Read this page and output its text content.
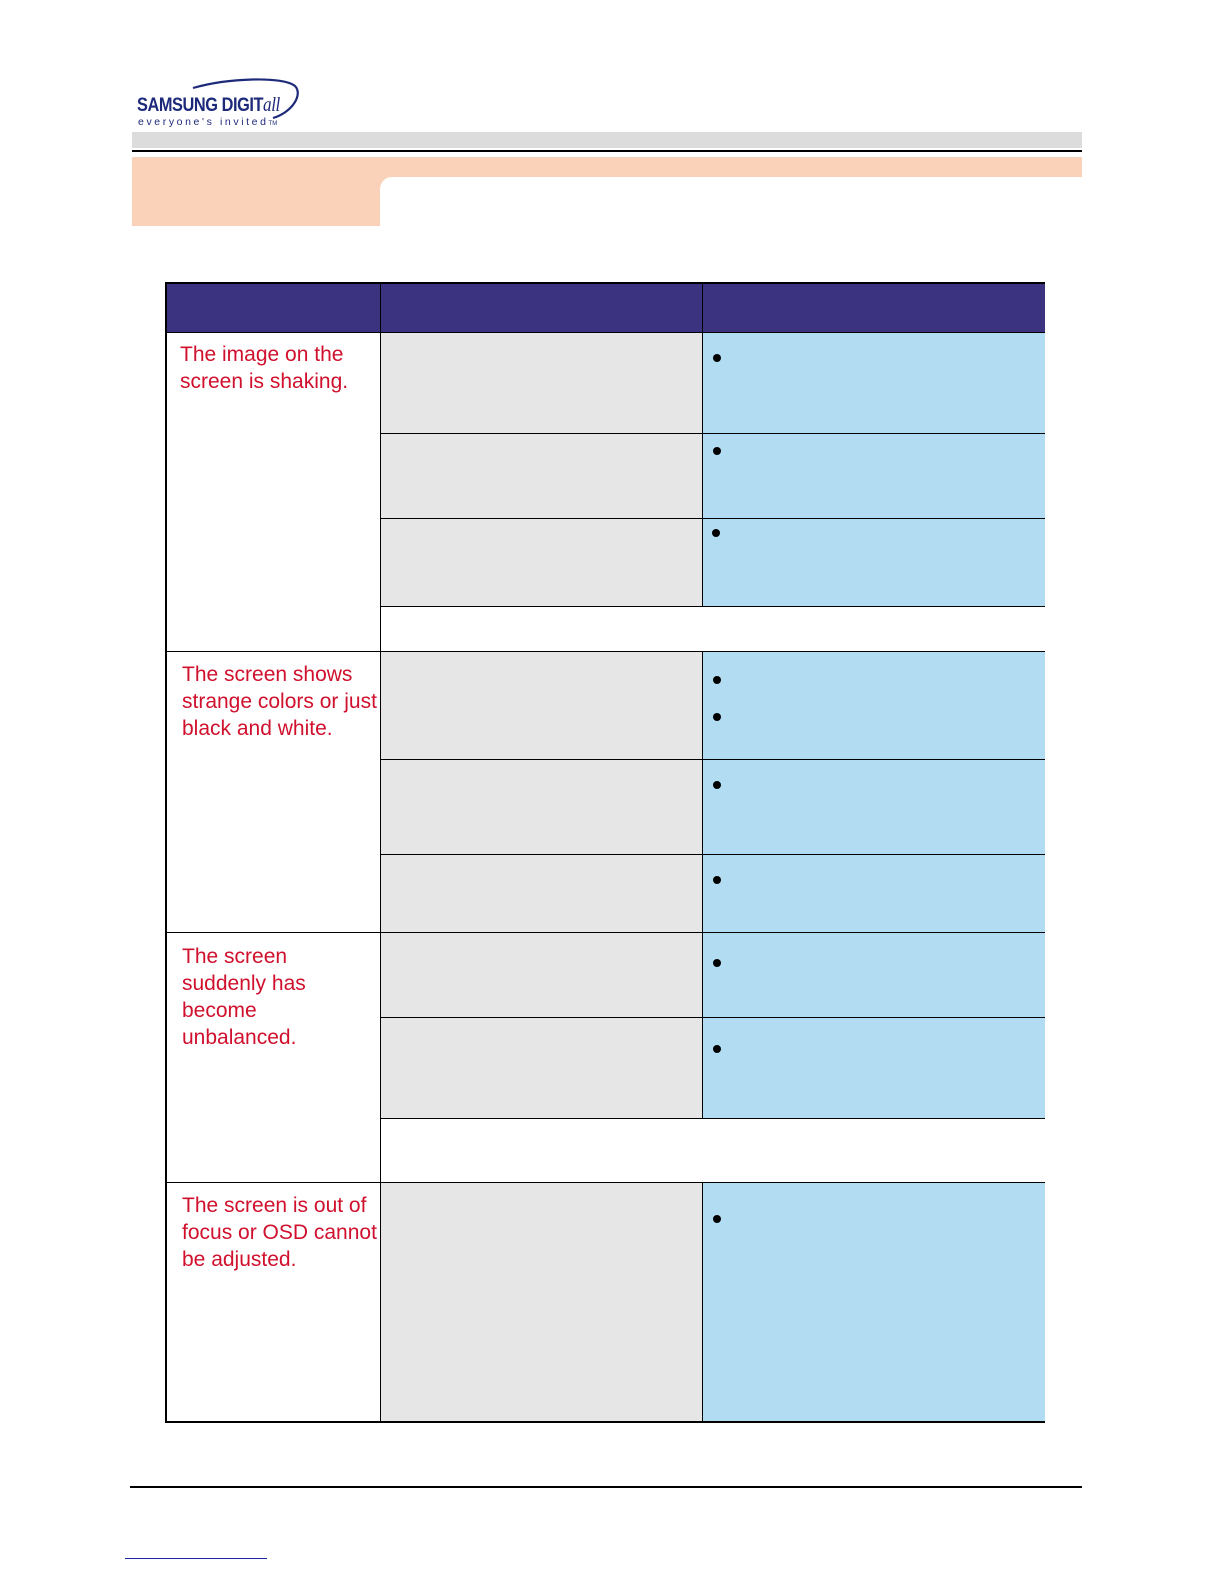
SAMSUNG DIGITall
everyone's invitedTM
The image on the screen is shaking.
The screen shows strange colors or just black and white.
The screen suddenly has become unbalanced.
The screen is out of focus or OSD cannot be adjusted.
